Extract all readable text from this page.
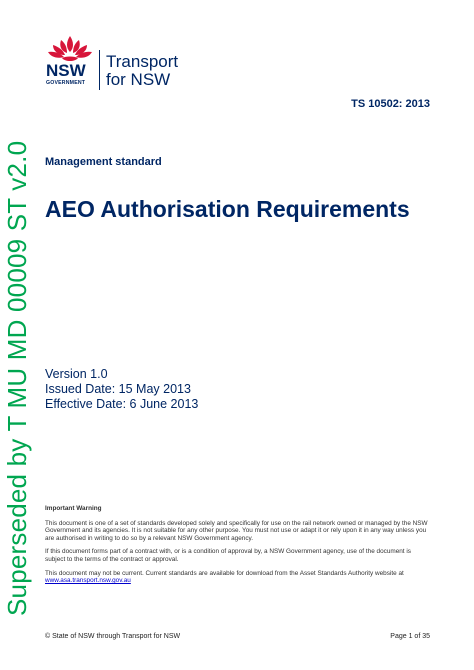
Superseded by T MU MD 00009 ST v2.0
NSW
GOVERNMENT
Transport
for NSW
TS 10502: 2013
Management standard
AEO Authorisation Requirements
Version 1.0
Issued Date: 15 May 2013
Effective Date: 6 June 2013
Important Warning

This document is one of a set of standards developed solely and specifically for use on the rail network owned or managed by the NSW Government and its agencies. It is not suitable for any other purpose. You must not use or adapt it or rely upon it in any way unless you are authorised in writing to do so by a relevant NSW Government agency.

If this document forms part of a contract with, or is a condition of approval by, a NSW Government agency, use of the document is subject to the terms of the contract or approval.

This document may not be current. Current standards are available for download from the Asset Standards Authority website at
www.asa.transport.nsw.gov.au

© State of NSW through Transport for NSW	Page 1 of 35
